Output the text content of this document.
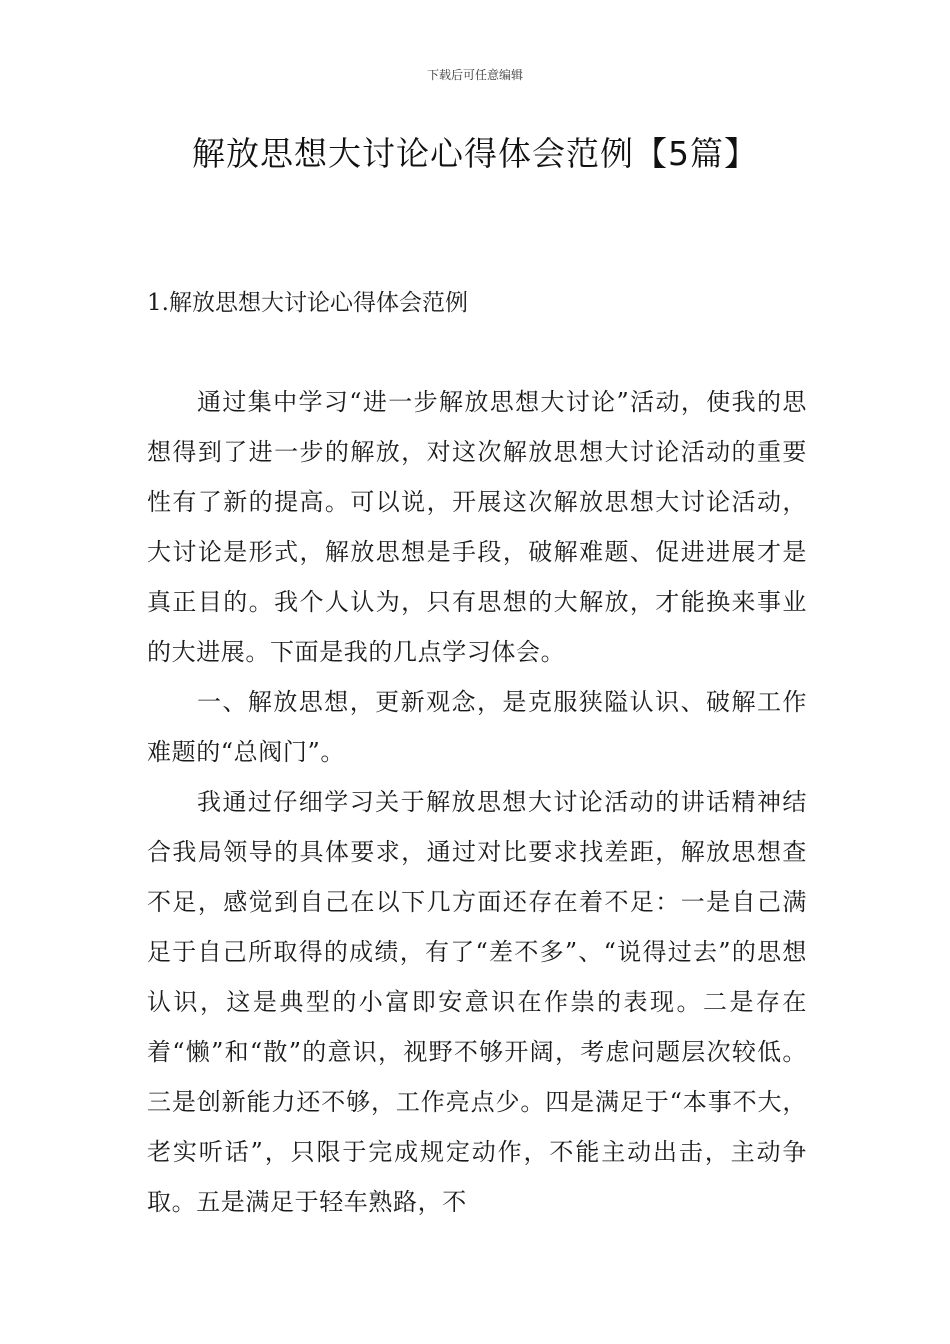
下载后可任意编辑
解放思想大讨论心得体会范例【5篇】
1.解放思想大讨论心得体会范例

通过集中学习“进一步解放思想大讨论”活动，使我的思想得到了进一步的解放，对这次解放思想大讨论活动的重要性有了新的提高。可以说，开展这次解放思想大讨论活动，大讨论是形式，解放思想是手段，破解难题、促进进展才是真正目的。我个人认为，只有思想的大解放，才能换来事业的大进展。下面是我的几点学习体会。

一、解放思想，更新观念，是克服狭隘认识、破解工作难题的“总阀门”。

我通过仔细学习关于解放思想大讨论活动的讲话精神结合我局领导的具体要求，通过对比要求找差距，解放思想查不足，感觉到自己在以下几方面还存在着不足：一是自己满足于自己所取得的成绩，有了“差不多”、“说得过去”的思想认识，这是典型的小富即安意识在作祟的表现。二是存在着“懒”和“散”的意识，视野不够开阔，考虑问题层次较低。三是创新能力还不够，工作亮点少。四是满足于“本事不大，老实听话”，只限于完成规定动作，不能主动出击，主动争取。五是满足于轻车熟路，不
